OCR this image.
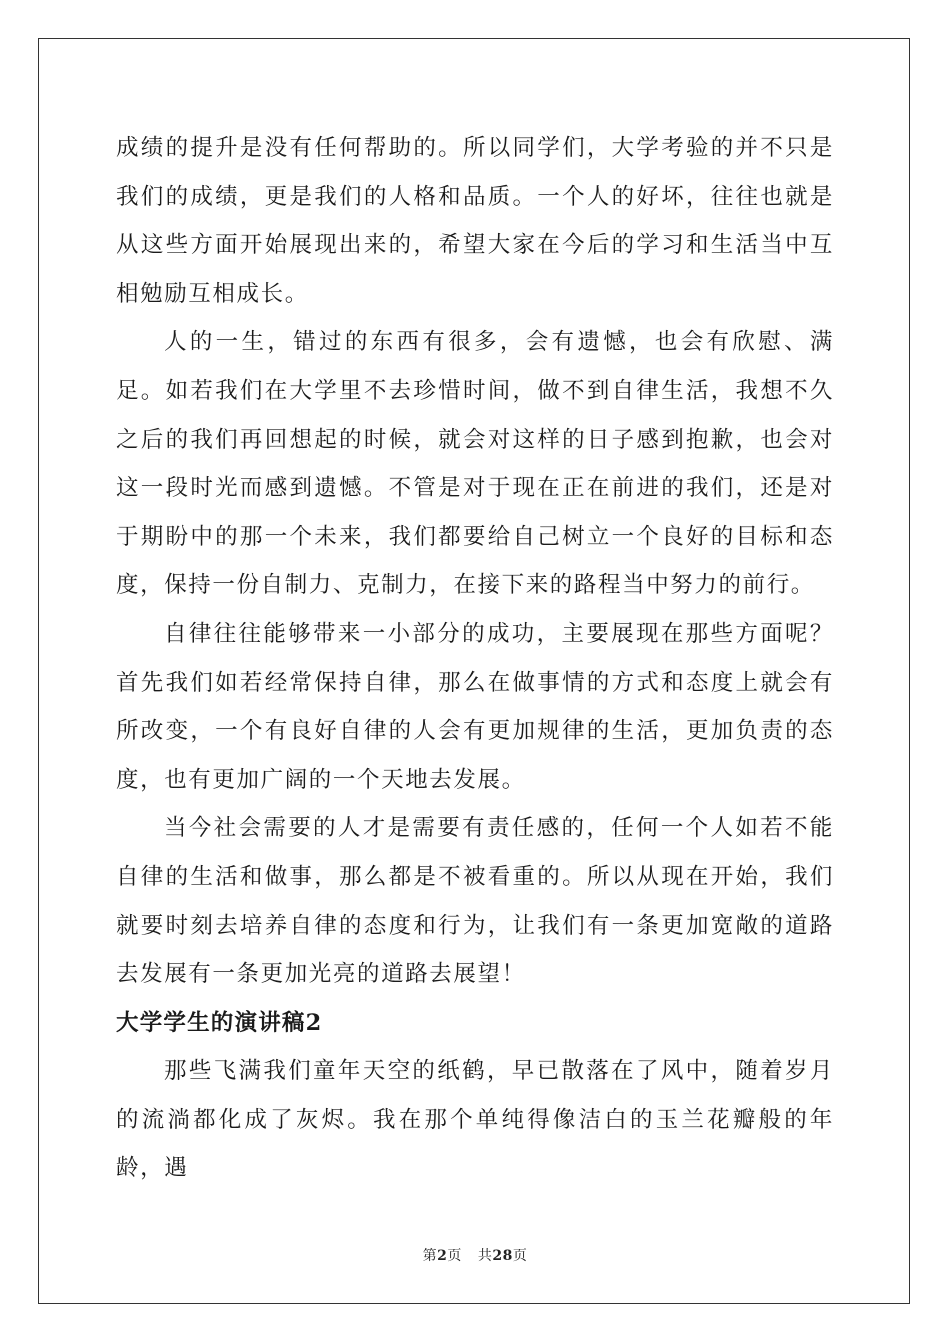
成绩的提升是没有任何帮助的。所以同学们，大学考验的并不只是我们的成绩，更是我们的人格和品质。一个人的好坏，往往也就是从这些方面开始展现出来的，希望大家在今后的学习和生活当中互相勉励互相成长。

人的一生，错过的东西有很多，会有遗憾，也会有欣慰、满足。如若我们在大学里不去珍惜时间，做不到自律生活，我想不久之后的我们再回想起的时候，就会对这样的日子感到抱歉，也会对这一段时光而感到遗憾。不管是对于现在正在前进的我们，还是对于期盼中的那一个未来，我们都要给自己树立一个良好的目标和态度，保持一份自制力、克制力，在接下来的路程当中努力的前行。

自律往往能够带来一小部分的成功，主要展现在那些方面呢？首先我们如若经常保持自律，那么在做事情的方式和态度上就会有所改变，一个有良好自律的人会有更加规律的生活，更加负责的态度，也有更加广阔的一个天地去发展。

当今社会需要的人才是需要有责任感的，任何一个人如若不能自律的生活和做事，那么都是不被看重的。所以从现在开始，我们就要时刻去培养自律的态度和行为，让我们有一条更加宽敞的道路去发展有一条更加光亮的道路去展望！

大学学生的演讲稿2

那些飞满我们童年天空的纸鹤，早已散落在了风中，随着岁月的流淌都化成了灰烬。我在那个单纯得像洁白的玉兰花瓣般的年龄，遇

第2页 共28页
